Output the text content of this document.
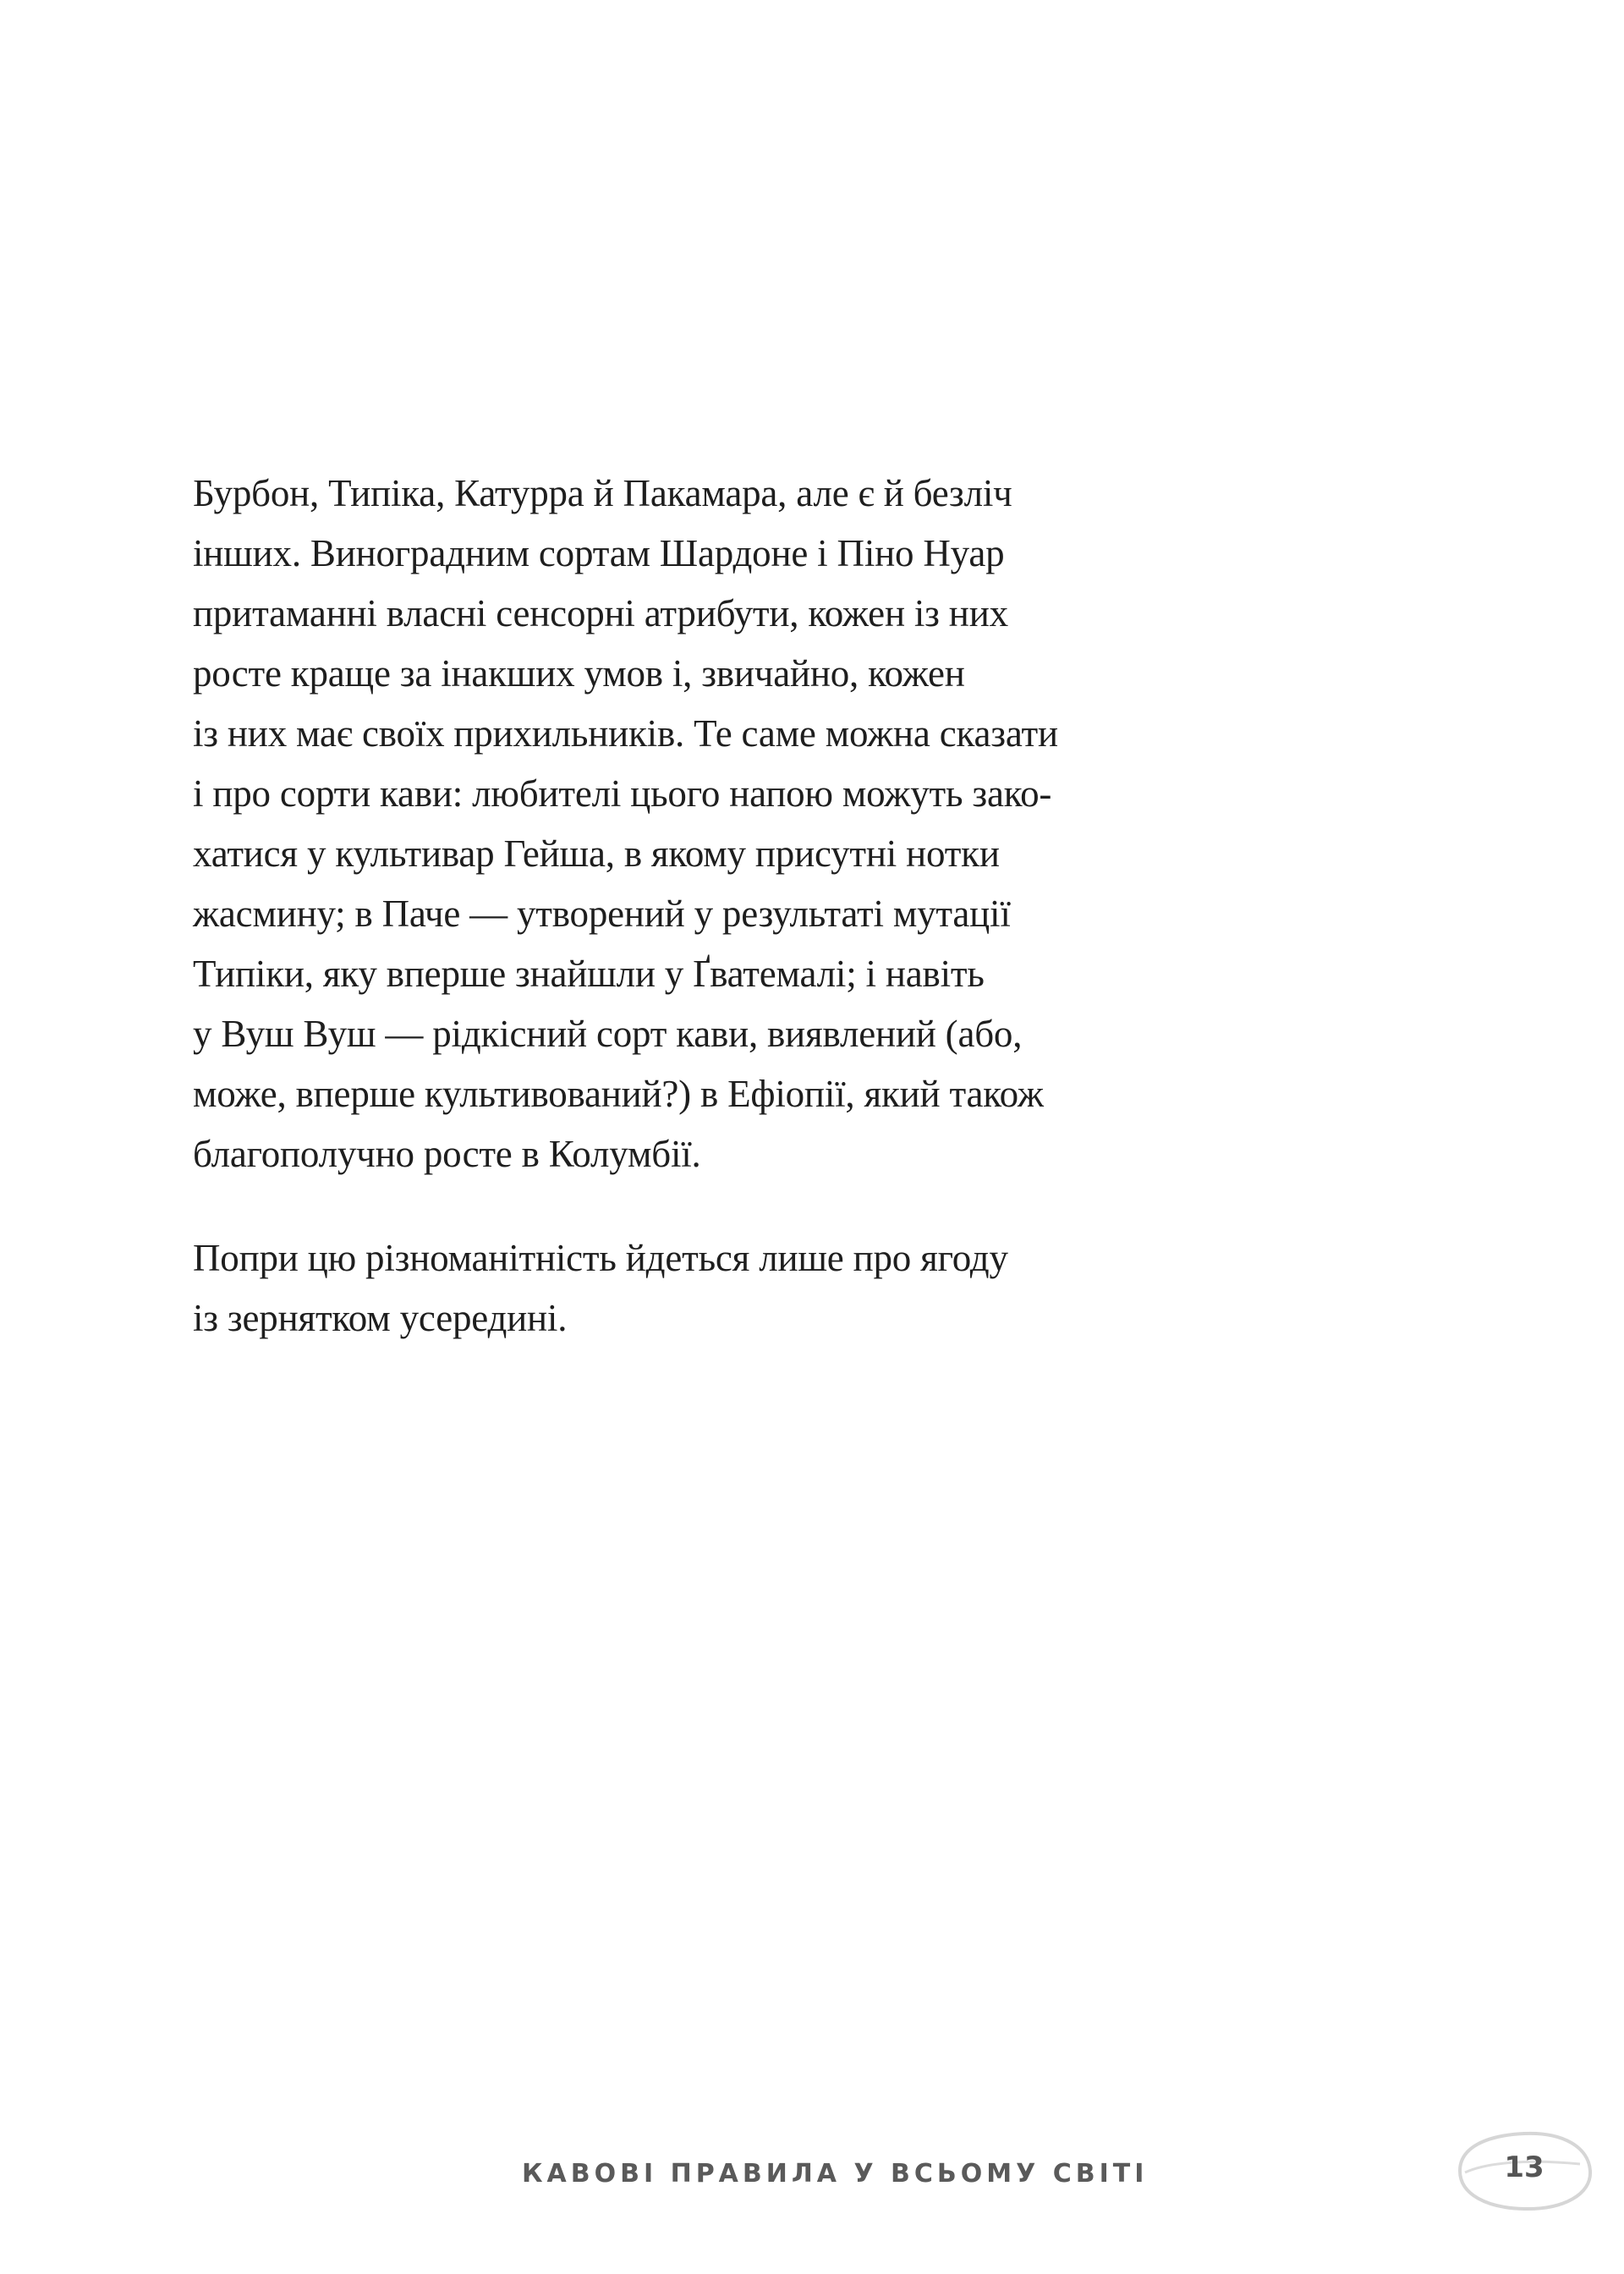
Бурбон, Типіка, Катурра й Пакамара, але є й безліч
інших. Виноградним сортам Шардоне і Піно Нуар
притаманні власні сенсорні атрибути, кожен із них
росте краще за інакших умов і, звичайно, кожен
із них має своїх прихильників. Те саме можна сказати
і про сорти кави: любителі цього напою можуть зако-
хатися у культивар Гейша, в якому присутні нотки
жасмину; в Паче — утворений у результаті мутації
Типіки, яку вперше знайшли у Ґватемалі; і навіть
у Вуш Вуш — рідкісний сорт кави, виявлений (або,
може, вперше культивований?) в Ефіопії, який також
благополучно росте в Колумбії.
Попри цю різноманітність йдеться лише про ягоду
із зернятком усередині.
КАВОВІ ПРАВИЛА У ВСЬОМУ СВІТІ	13
